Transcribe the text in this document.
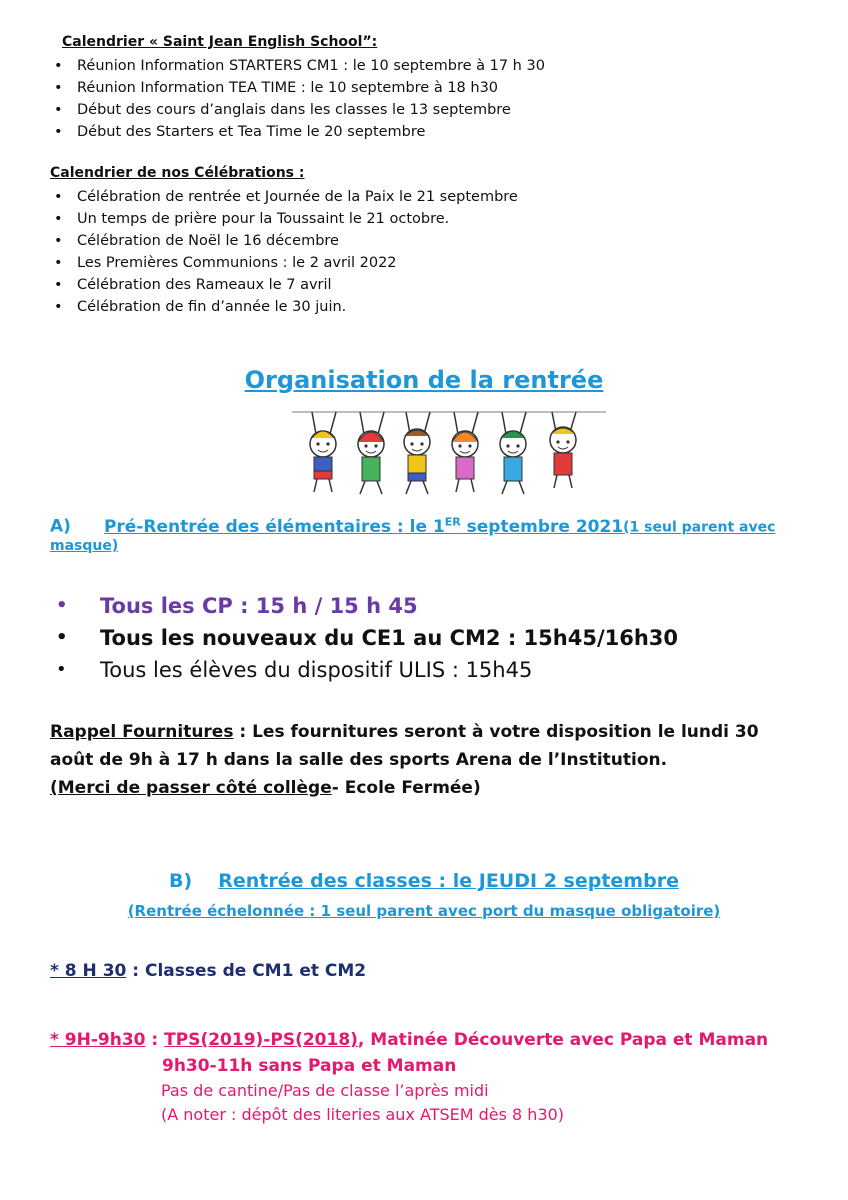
Calendrier « Saint Jean English School”:
• Réunion Information STARTERS CM1 : le 10 septembre à 17 h 30
• Réunion Information TEA TIME : le 10 septembre à 18 h30
• Début des cours d’anglais dans les classes le 13 septembre
• Début des Starters et Tea Time le 20 septembre
Calendrier de nos Célébrations :
• Célébration de rentrée et Journée de la Paix le 21 septembre
• Un temps de prière pour la Toussaint le 21 octobre.
• Célébration de Noël le 16 décembre
• Les Premières Communions : le 2 avril 2022
• Célébration des Rameaux le 7 avril
• Célébration de fin d’année le 30 juin.
Organisation de la rentrée
A) Pré-Rentrée des élémentaires : le 1ER septembre 2021(1 seul parent avec
masque)
• Tous les CP : 15 h / 15 h 45
• Tous les nouveaux du CE1 au CM2 : 15h45/16h30
• Tous les élèves du dispositif ULIS : 15h45
Rappel Fournitures : Les fournitures seront à votre disposition le lundi 30
août de 9h à 17 h dans la salle des sports Arena de l’Institution.
(Merci de passer côté collège- Ecole Fermée)
B) Rentrée des classes : le JEUDI 2 septembre
(Rentrée échelonnée : 1 seul parent avec port du masque obligatoire)
* 8 H 30 : Classes de CM1 et CM2
* 9H-9h30 : TPS(2019)-PS(2018), Matinée Découverte avec Papa et Maman
9h30-11h sans Papa et Maman
Pas de cantine/Pas de classe l’après midi
(A noter : dépôt des literies aux ATSEM dès 8 h30)
